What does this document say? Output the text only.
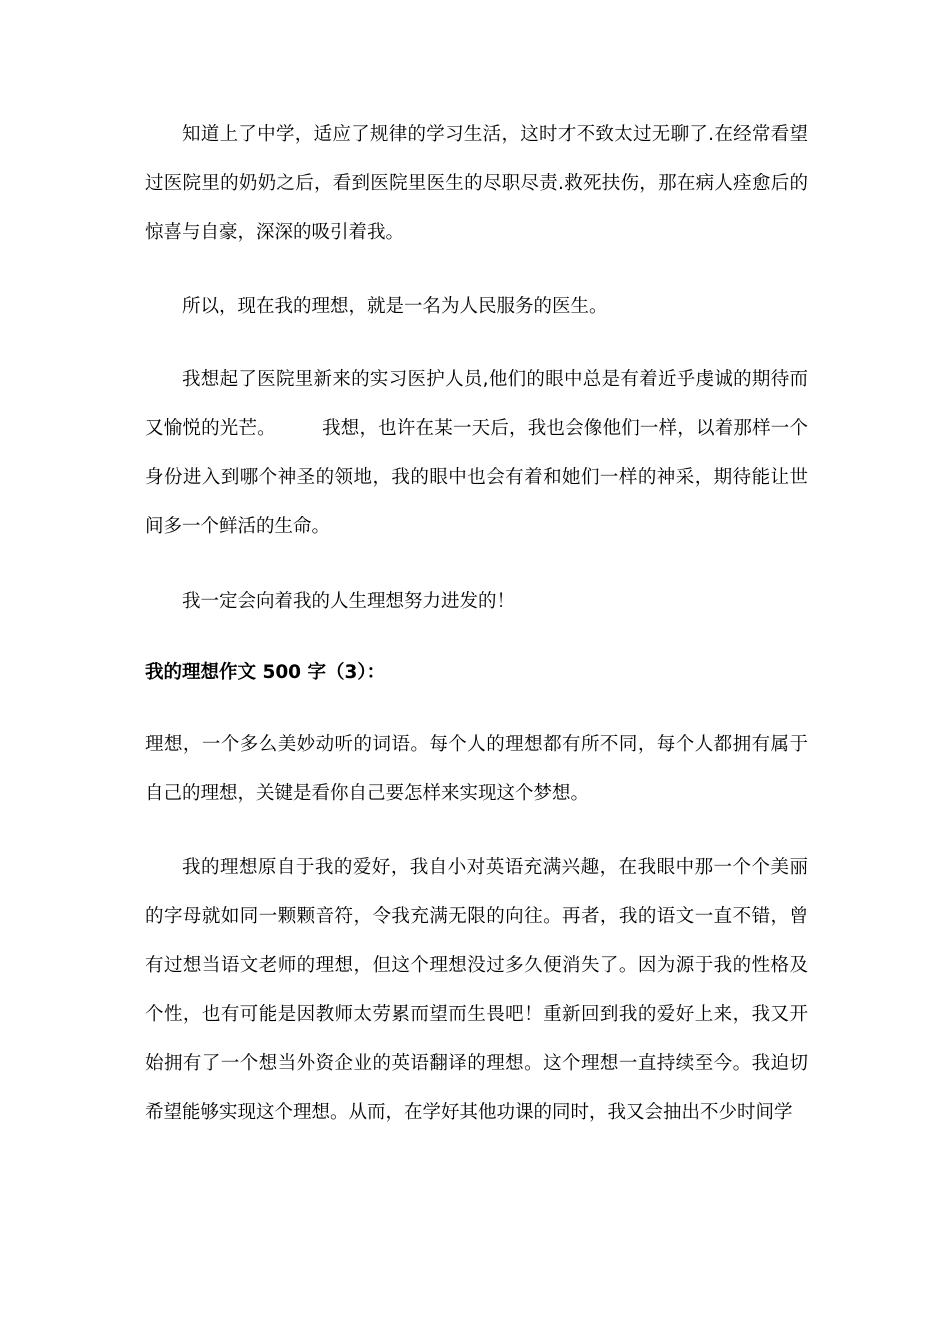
知道上了中学，适应了规律的学习生活，这时才不致太过无聊了.在经常看望过医院里的奶奶之后，看到医院里医生的尽职尽责.救死扶伤，那在病人痊愈后的惊喜与自豪，深深的吸引着我。

所以，现在我的理想，就是一名为人民服务的医生。

我想起了医院里新来的实习医护人员,他们的眼中总是有着近乎虔诚的期待而又愉悦的光芒。 我想，也许在某一天后，我也会像他们一样，以着那样一个身份进入到哪个神圣的领地，我的眼中也会有着和她们一样的神采，期待能让世间多一个鲜活的生命。

我一定会向着我的人生理想努力进发的！

我的理想作文 500 字（3）：

理想，一个多么美妙动听的词语。每个人的理想都有所不同，每个人都拥有属于自己的理想，关键是看你自己要怎样来实现这个梦想。

我的理想原自于我的爱好，我自小对英语充满兴趣，在我眼中那一个个美丽的字母就如同一颗颗音符，令我充满无限的向往。再者，我的语文一直不错，曾有过想当语文老师的理想，但这个理想没过多久便消失了。因为源于我的性格及个性，也有可能是因教师太劳累而望而生畏吧！重新回到我的爱好上来，我又开始拥有了一个想当外资企业的英语翻译的理想。这个理想一直持续至今。我迫切希望能够实现这个理想。从而，在学好其他功课的同时，我又会抽出不少时间学
